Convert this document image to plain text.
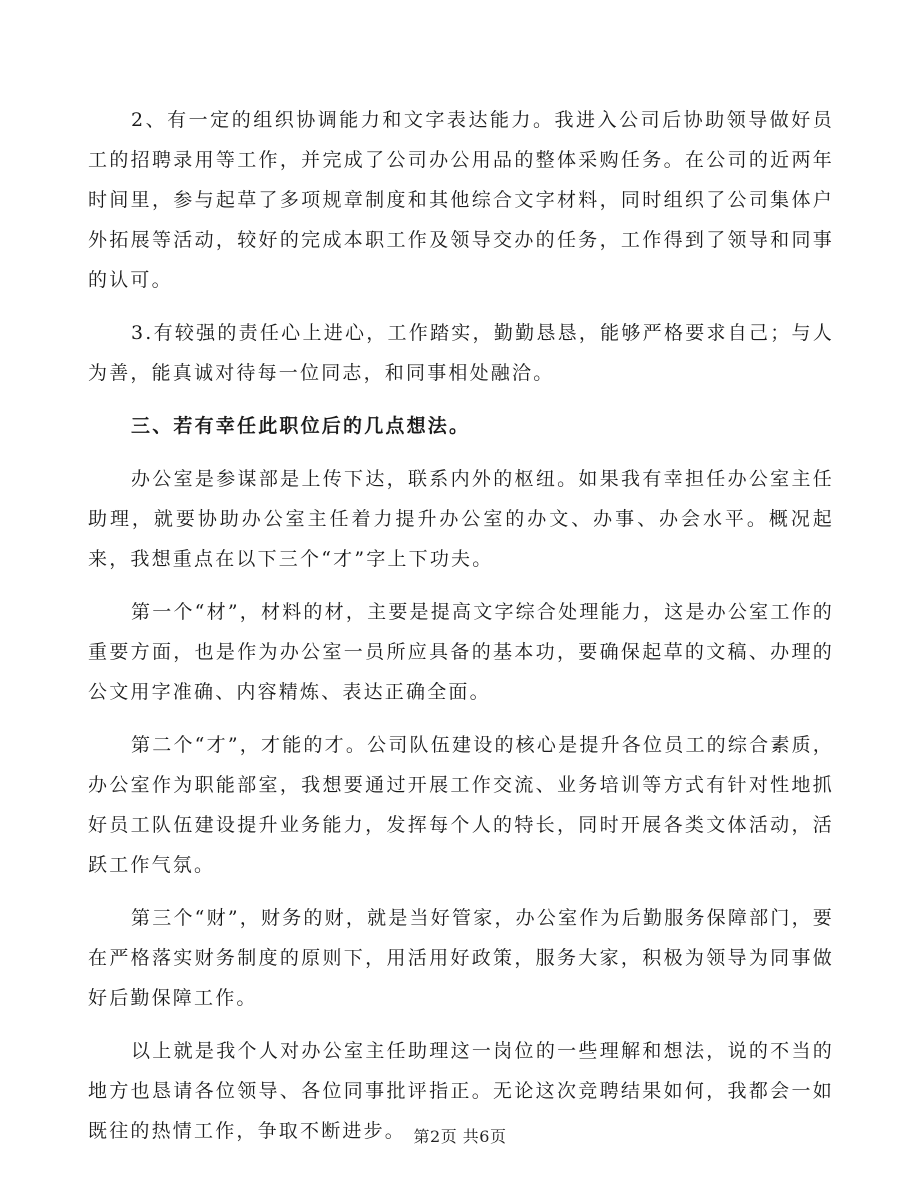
2、有一定的组织协调能力和文字表达能力。我进入公司后协助领导做好员工的招聘录用等工作，并完成了公司办公用品的整体采购任务。在公司的近两年时间里，参与起草了多项规章制度和其他综合文字材料，同时组织了公司集体户外拓展等活动，较好的完成本职工作及领导交办的任务，工作得到了领导和同事的认可。

3.有较强的责任心上进心，工作踏实，勤勤恳恳，能够严格要求自己；与人为善，能真诚对待每一位同志，和同事相处融洽。

三、若有幸任此职位后的几点想法。

办公室是参谋部是上传下达，联系内外的枢纽。如果我有幸担任办公室主任助理，就要协助办公室主任着力提升办公室的办文、办事、办会水平。概况起来，我想重点在以下三个“才”字上下功夫。

第一个“材”，材料的材，主要是提高文字综合处理能力，这是办公室工作的重要方面，也是作为办公室一员所应具备的基本功，要确保起草的文稿、办理的公文用字准确、内容精炼、表达正确全面。

第二个“才”，才能的才。公司队伍建设的核心是提升各位员工的综合素质，办公室作为职能部室，我想要通过开展工作交流、业务培训等方式有针对性地抓好员工队伍建设提升业务能力，发挥每个人的特长，同时开展各类文体活动，活跃工作气氛。

第三个“财”，财务的财，就是当好管家，办公室作为后勤服务保障部门，要在严格落实财务制度的原则下，用活用好政策，服务大家，积极为领导为同事做好后勤保障工作。

以上就是我个人对办公室主任助理这一岗位的一些理解和想法，说的不当的地方也恳请各位领导、各位同事批评指正。无论这次竞聘结果如何，我都会一如既往的热情工作，争取不断进步。 第2页 共6页
